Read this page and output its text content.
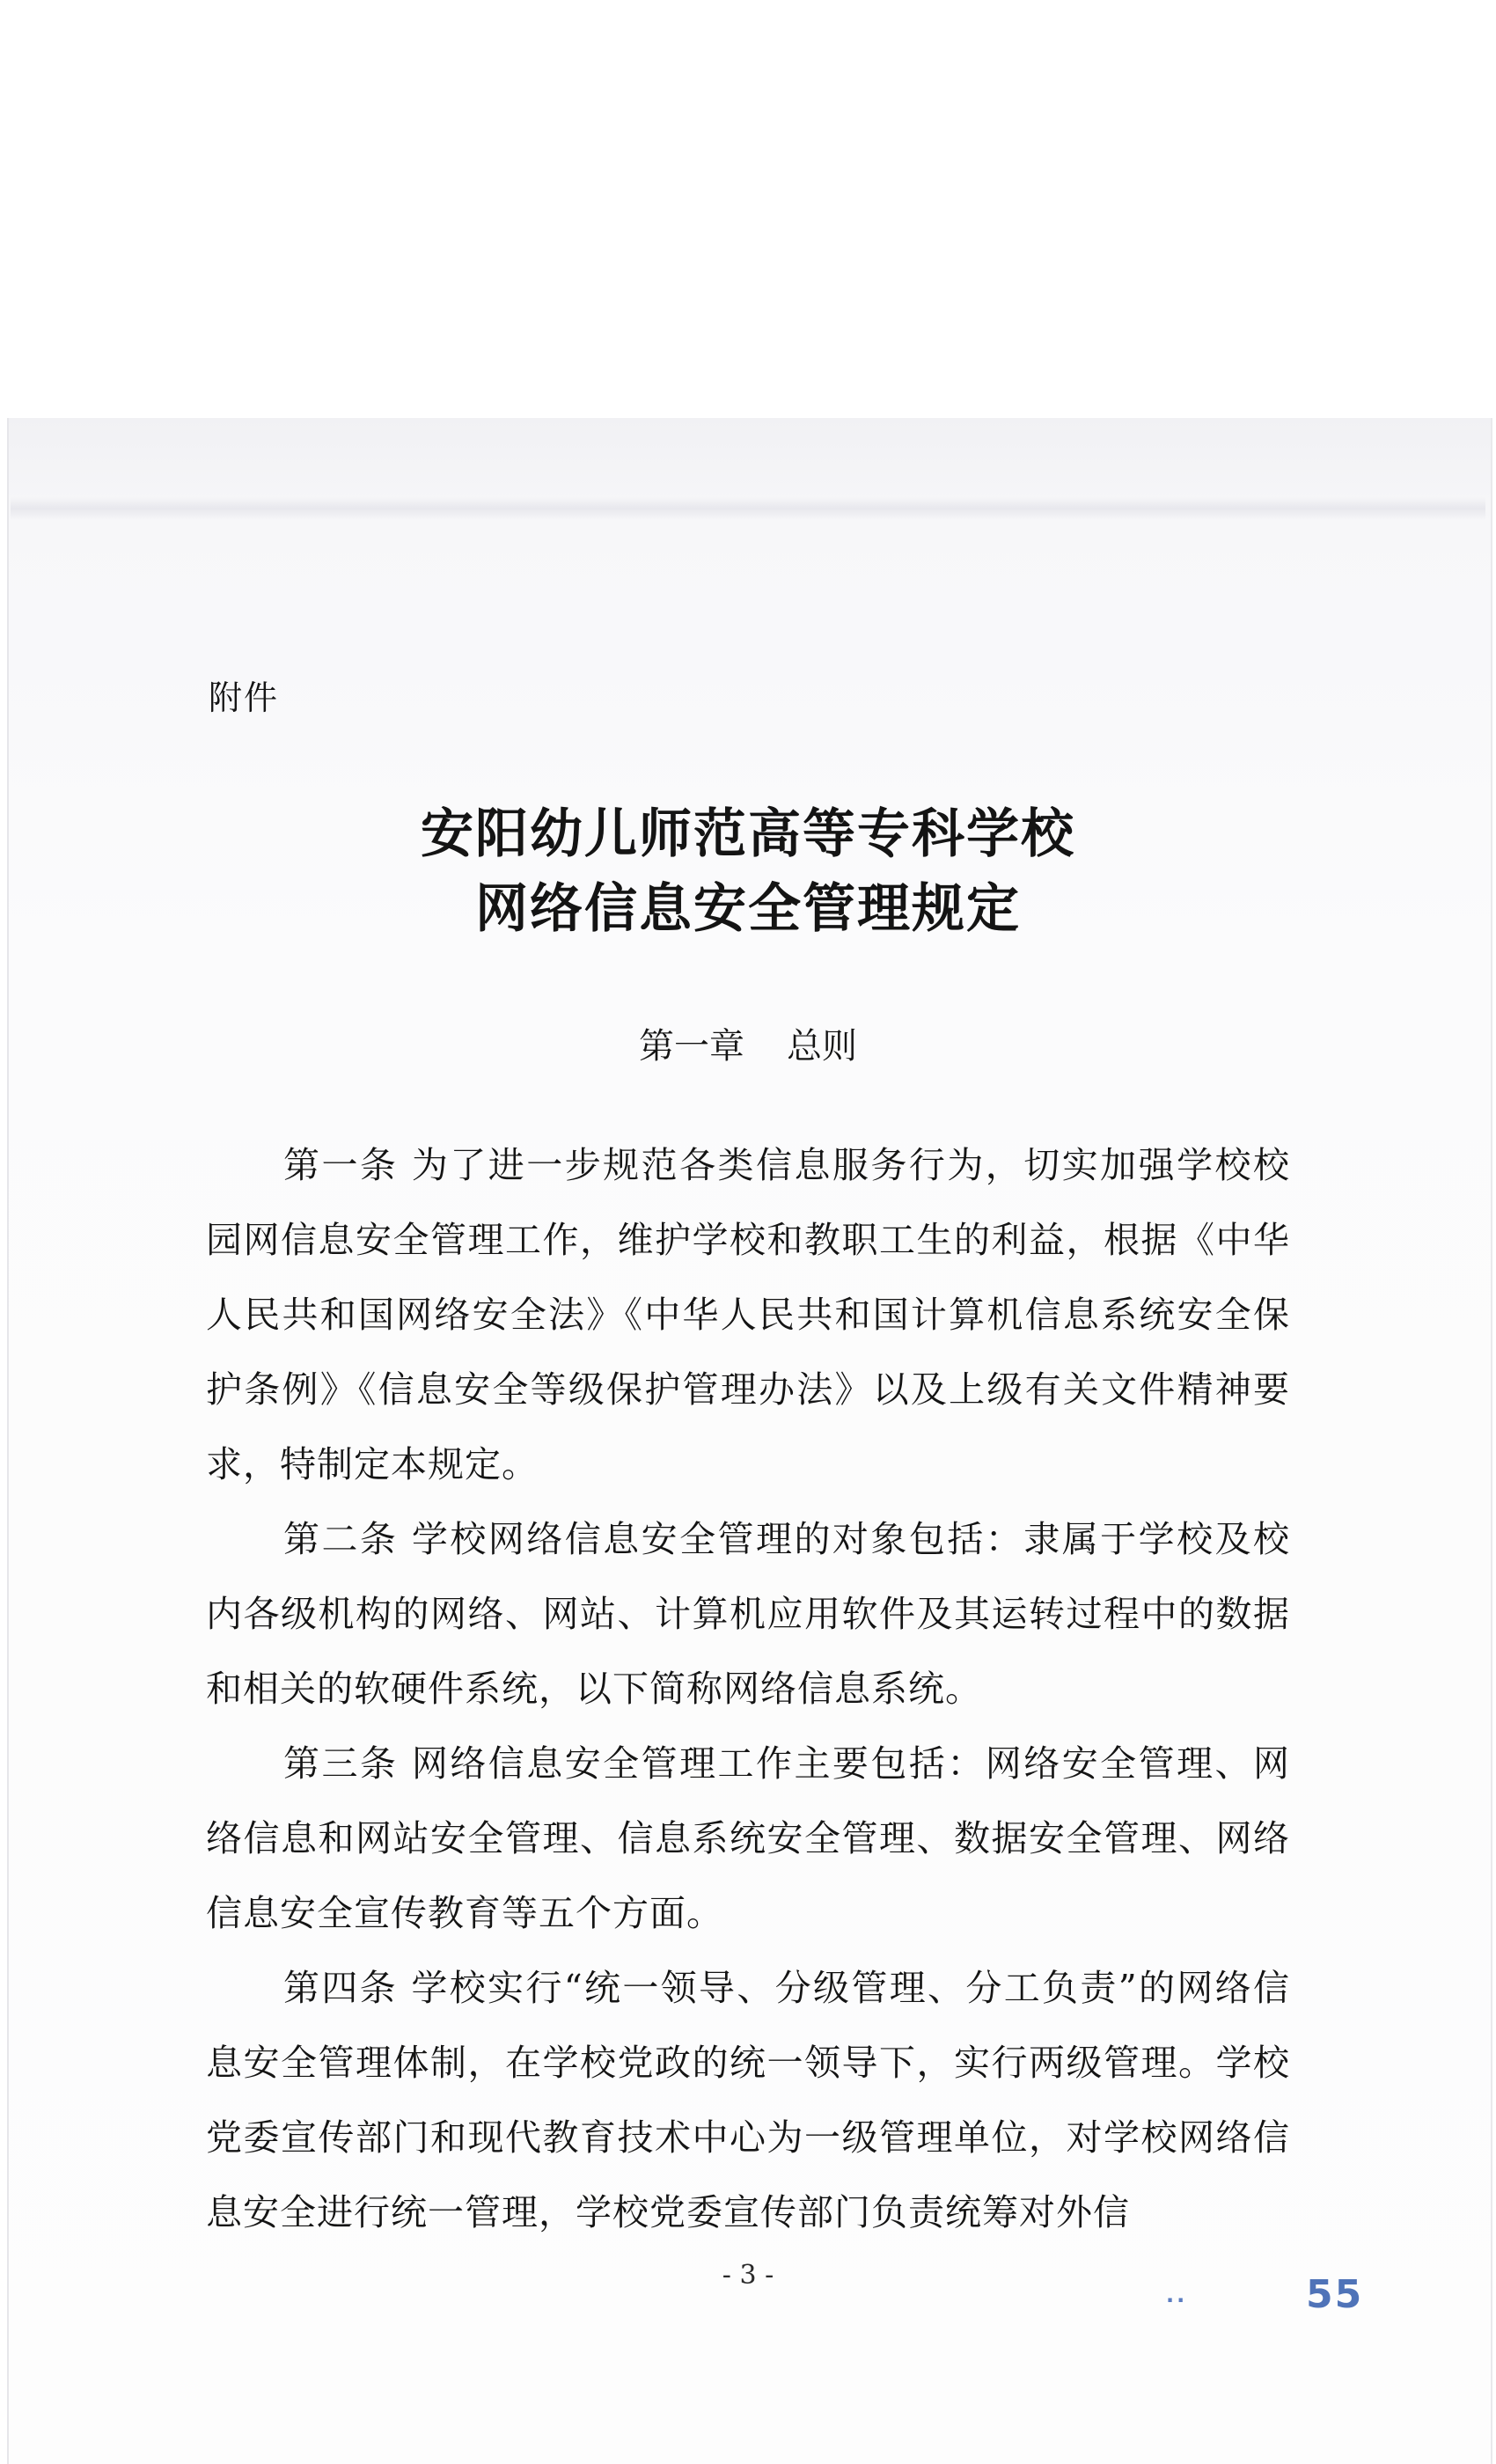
附件
安阳幼儿师范高等专科学校
网络信息安全管理规定
第一章 总则

第一条 为了进一步规范各类信息服务行为，切实加强学校校园网信息安全管理工作，维护学校和教职工生的利益，根据《中华人民共和国网络安全法》《中华人民共和国计算机信息系统安全保护条例》《信息安全等级保护管理办法》以及上级有关文件精神要求，特制定本规定。

第二条 学校网络信息安全管理的对象包括：隶属于学校及校内各级机构的网络、网站、计算机应用软件及其运转过程中的数据和相关的软硬件系统，以下简称网络信息系统。

第三条 网络信息安全管理工作主要包括：网络安全管理、网络信息和网站安全管理、信息系统安全管理、数据安全管理、网络信息安全宣传教育等五个方面。

第四条 学校实行“统一领导、分级管理、分工负责”的网络信息安全管理体制，在学校党政的统一领导下，实行两级管理。学校党委宣传部门和现代教育技术中心为一级管理单位，对学校网络信息安全进行统一管理，学校党委宣传部门负责统筹对外信

- 3 -
..	55
